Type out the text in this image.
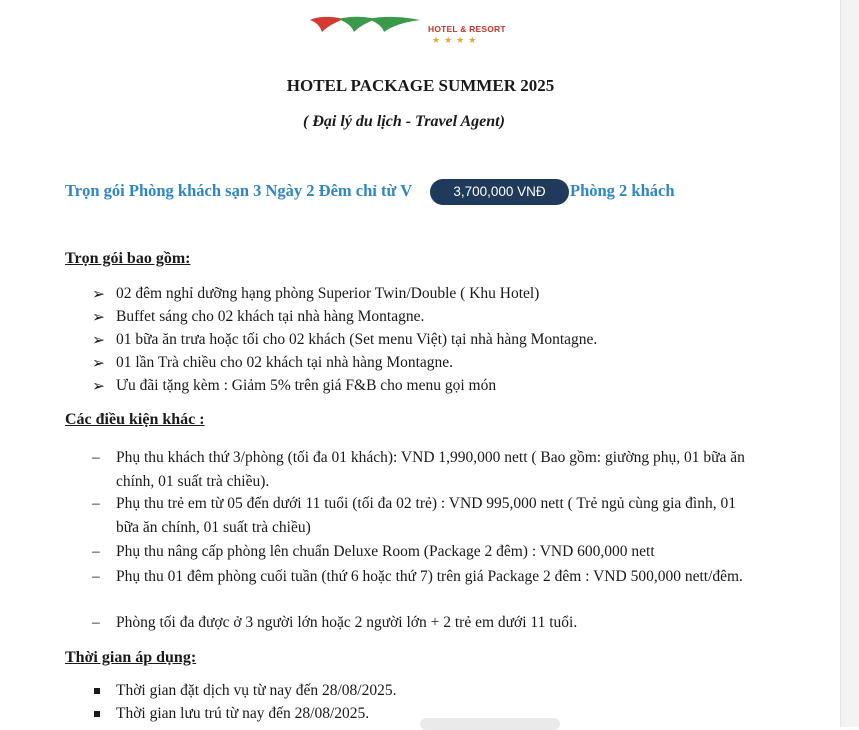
HOTEL & RESORT
★★★★
HOTEL PACKAGE SUMMER 2025
( Đại lý du lịch - Travel Agent)
Trọn gói Phòng khách sạn 3 Ngày 2 Đêm chỉ từ V	3,700,000 VNĐ	Phòng 2 khách
Trọn gói bao gồm:
➢ 02 đêm nghỉ dưỡng hạng phòng Superior Twin/Double ( Khu Hotel)
➢ Buffet sáng cho 02 khách tại nhà hàng Montagne.
➢ 01 bữa ăn trưa hoặc tối cho 02 khách (Set menu Việt) tại nhà hàng Montagne.
➢ 01 lần Trà chiều cho 02 khách tại nhà hàng Montagne.
➢ Ưu đãi tặng kèm : Giảm 5% trên giá F&B cho menu gọi món
Các điều kiện khác :
– Phụ thu khách thứ 3/phòng (tối đa 01 khách): VND 1,990,000 nett ( Bao gồm: giường phụ, 01 bữa ăn chính, 01 suất trà chiều).
– Phụ thu trẻ em từ 05 đến dưới 11 tuổi (tối đa 02 trẻ) : VND 995,000 nett ( Trẻ ngủ cùng gia đình, 01 bữa ăn chính, 01 suất trà chiều)
– Phụ thu nâng cấp phòng lên chuẩn Deluxe Room (Package 2 đêm) : VND 600,000 nett
– Phụ thu 01 đêm phòng cuối tuần (thứ 6 hoặc thứ 7) trên giá Package 2 đêm : VND 500,000 nett/đêm.
– Phòng tối đa được ở 3 người lớn hoặc 2 người lớn + 2 trẻ em dưới 11 tuổi.
Thời gian áp dụng:
Thời gian đặt dịch vụ từ nay đến 28/08/2025.
Thời gian lưu trú từ nay đến 28/08/2025.
